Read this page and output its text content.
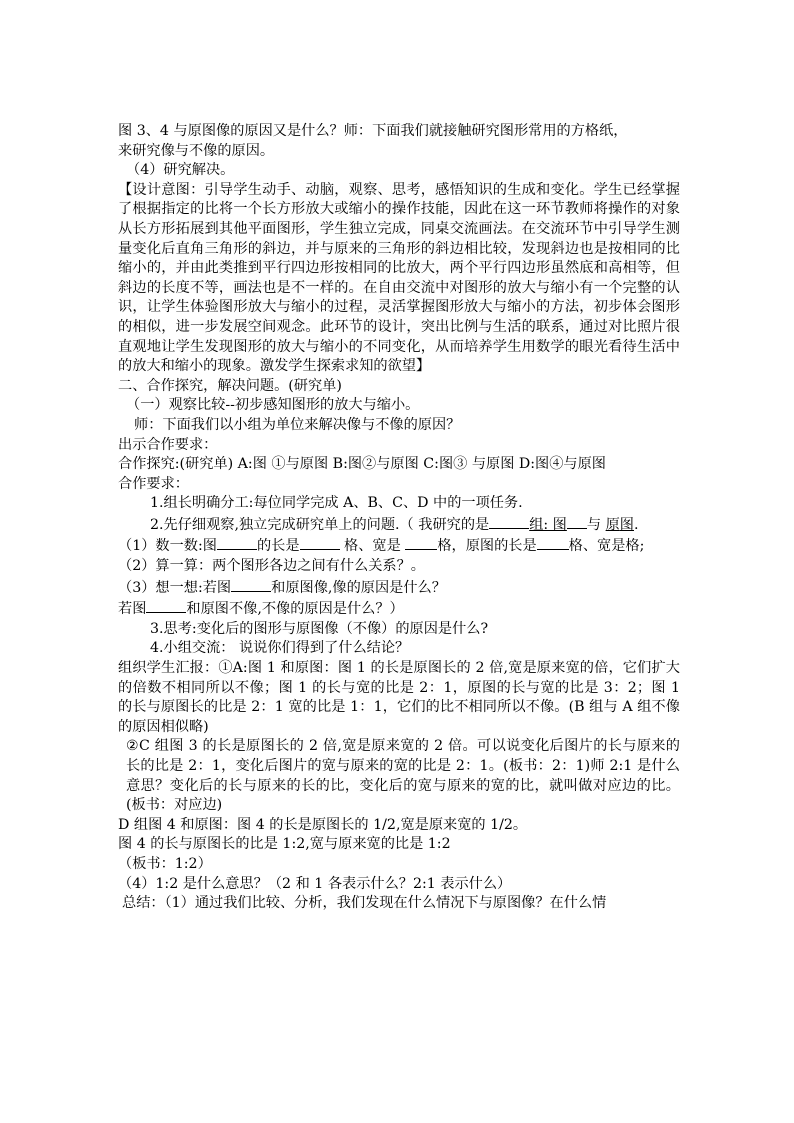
图 3、4 与原图像的原因又是什么？师：下面我们就接触研究图形常用的方格纸，

来研究像与不像的原因。

（4）研究解决。

【设计意图：引导学生动手、动脑，观察、思考，感悟知识的生成和变化。学生已经掌握了根据指定的比将一个长方形放大或缩小的操作技能，因此在这一环节教师将操作的对象从长方形拓展到其他平面图形，学生独立完成，同桌交流画法。在交流环节中引导学生测量变化后直角三角形的斜边，并与原来的三角形的斜边相比较，发现斜边也是按相同的比缩小的，并由此类推到平行四边形按相同的比放大，两个平行四边形虽然底和高相等，但斜边的长度不等，画法也是不一样的。在自由交流中对图形的放大与缩小有一个完整的认识，让学生体验图形放大与缩小的过程，灵活掌握图形放大与缩小的方法，初步体会图形的相似，进一步发展空间观念。此环节的设计，突出比例与生活的联系，通过对比照片很直观地让学生发现图形的放大与缩小的不同变化，从而培养学生用数学的眼光看待生活中的放大和缩小的现象。激发学生探索求知的欲望】

二、合作探究，解决问题。(研究单)

（一）观察比较--初步感知图形的放大与缩小。

师：下面我们以小组为单位来解决像与不像的原因？

出示合作要求：

合作探究:(研究单) A:图 ①与原图 B:图②与原图 C:图③ 与原图 D:图④与原图

合作要求：

1.组长明确分工:每位同学完成 A、B、C、D 中的一项任务.

2.先仔细观察,独立完成研究单上的问题.（ 我研究的是	组: 图 与 原图.

（1）数一数:图	的长是	格、宽是	格，原图的长是 格、宽是格;

（2）算一算：两个图形各边之间有什么关系？。

（3）想一想:若图	和原图像,像的原因是什么？

若图	和原图不像,不像的原因是什么？）

3.思考:变化后的图形与原图像（不像）的原因是什么?

4.小组交流： 说说你们得到了什么结论？

组织学生汇报：①A:图 1 和原图：图 1 的长是原图长的 2 倍,宽是原来宽的倍，它们扩大的倍数不相同所以不像；图 1 的长与宽的比是 2：1，原图的长与宽的比是 3：2；图 1 的长与原图长的比是 2：1 宽的比是 1：1，它们的比不相同所以不像。(B 组与 A 组不像的原因相似略)

②C 组图 3 的长是原图长的 2 倍,宽是原来宽的 2 倍。可以说变化后图片的长与原来的长的比是 2：1，变化后图片的宽与原来的宽的比是 2：1。(板书：2：1)师 2:1 是什么意思？变化后的长与原来的长的比，变化后的宽与原来的宽的比，就叫做对应边的比。(板书：对应边)

D 组图 4 和原图：图 4 的长是原图长的 1/2,宽是原来宽的 1/2。

图 4 的长与原图长的比是 1:2,宽与原来宽的比是 1:2

（板书：1:2）

（4）1:2 是什么意思？（2 和 1 各表示什么？2:1 表示什么）

总结：（1）通过我们比较、分析，我们发现在什么情况下与原图像？在什么情
